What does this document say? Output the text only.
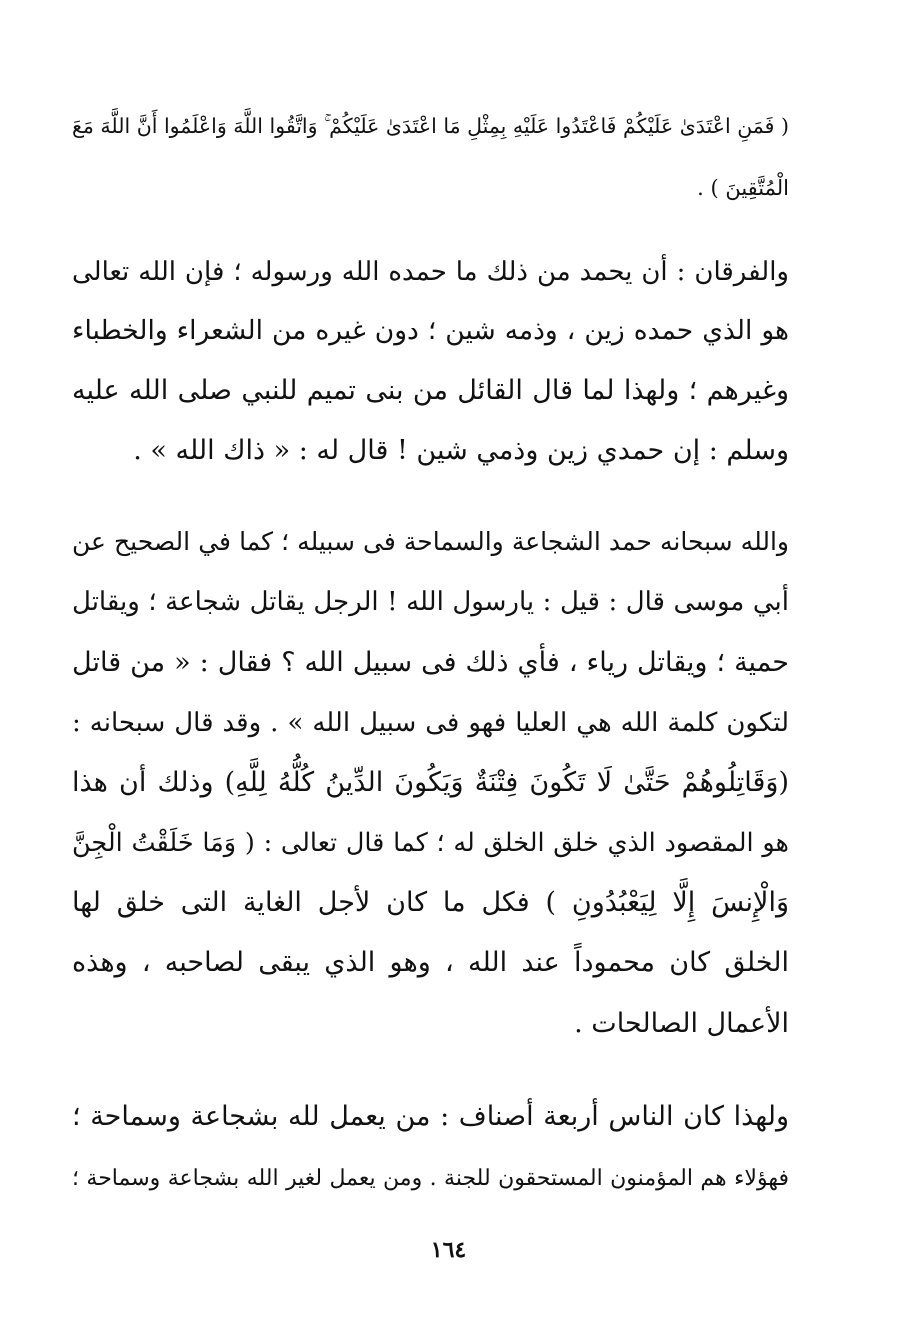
( فَمَنِ اعْتَدَىٰ عَلَيْكُمْ فَاعْتَدُوا عَلَيْهِ بِمِثْلِ مَا اعْتَدَىٰ عَلَيْكُمْ ۚ وَاتَّقُوا اللَّهَ وَاعْلَمُوا أَنَّ اللَّهَ مَعَ
الْمُتَّقِينَ ) .
والفرقان : أن يحمد من ذلك ما حمده الله ورسوله ؛ فإن الله تعالى
هو الذي حمده زين ، وذمه شين ؛ دون غيره من الشعراء والخطباء
وغيرهم ؛ ولهذا لما قال القائل من بنى تميم للنبي صلى الله عليه
وسلم : إن حمدي زين وذمي شين ! قال له : « ذاك الله » .
والله سبحانه حمد الشجاعة والسماحة فى سبيله ؛ كما في الصحيح عن
أبي موسى قال : قيل : يارسول الله ! الرجل يقاتل شجاعة ؛ ويقاتل
حمية ؛ ويقاتل رياء ، فأي ذلك فى سبيل الله ؟ فقال : « من قاتل
لتكون كلمة الله هي العليا فهو فى سبيل الله » . وقد قال سبحانه :
(وَقَاتِلُوهُمْ حَتَّىٰ لَا تَكُونَ فِتْنَةٌ وَيَكُونَ الدِّينُ كُلُّهُ لِلَّهِ) وذلك أن هذا
هو المقصود الذي خلق الخلق له ؛ كما قال تعالى : ( وَمَا خَلَقْتُ الْجِنَّ
وَالْإِنسَ إِلَّا لِيَعْبُدُونِ ) فكل ما كان لأجل الغاية التى خلق لها
الخلق كان محموداً عند الله ، وهو الذي يبقى لصاحبه ، وهذه
الأعمال الصالحات .
ولهذا كان الناس أربعة أصناف : من يعمل لله بشجاعة وسماحة ؛
فهؤلاء هم المؤمنون المستحقون للجنة . ومن يعمل لغير الله بشجاعة وسماحة ؛
١٦٤
